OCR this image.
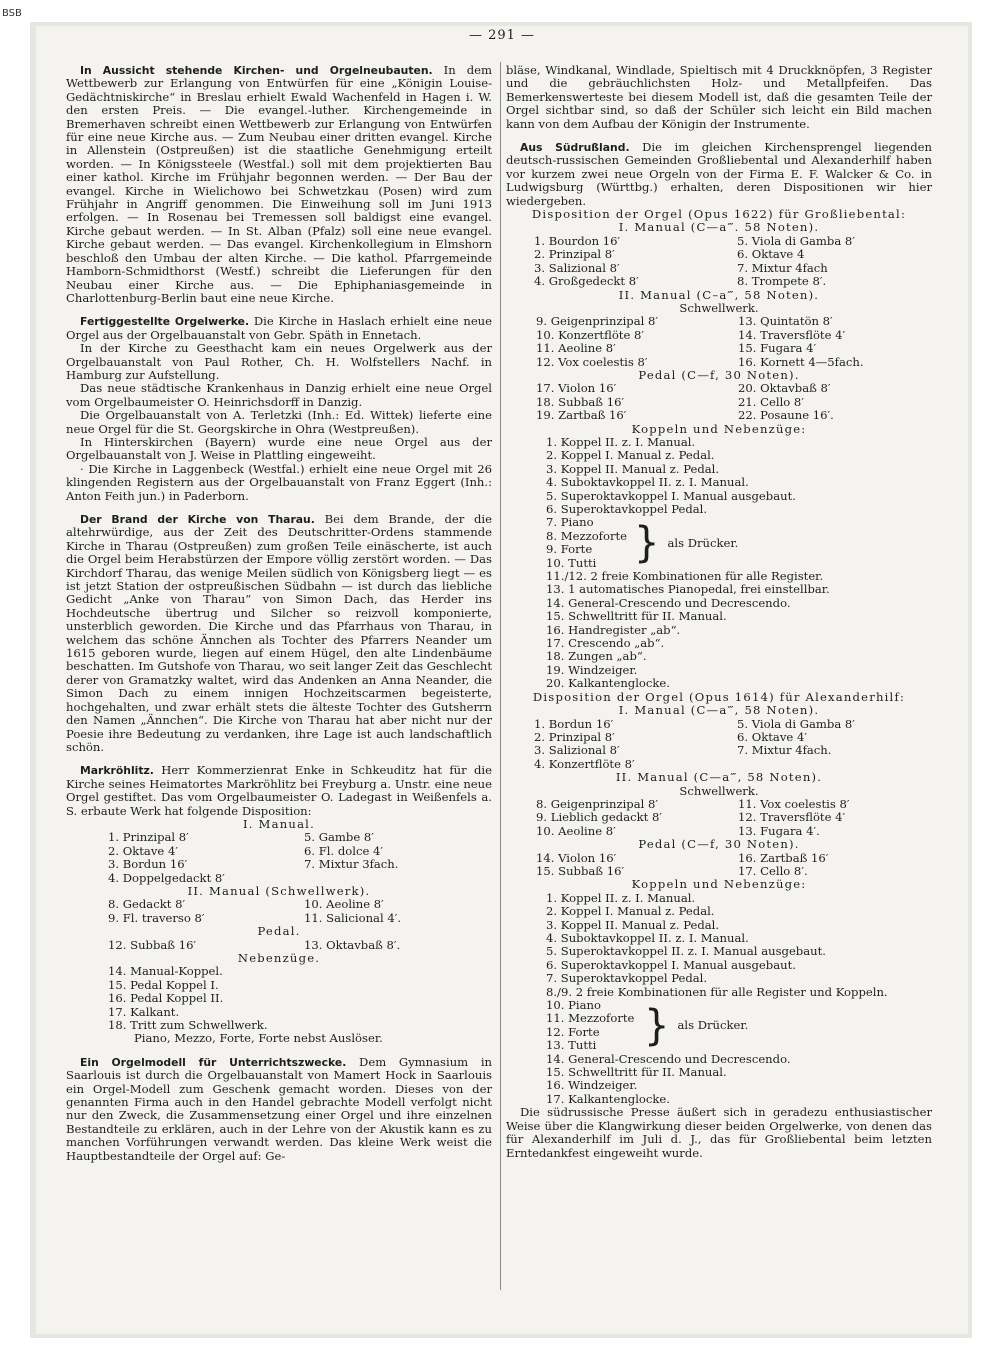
BSB
— 291 —

In Aussicht stehende Kirchen- und Orgelneubauten. In dem Wettbewerb zur Erlangung von Entwürfen für eine „Königin Louise-Gedächtniskirche“ in Breslau erhielt Ewald Wachenfeld in Hagen i. W. den ersten Preis. — Die evangel.-luther. Kirchengemeinde in Bremerhaven schreibt einen Wettbewerb zur Erlangung von Entwürfen für eine neue Kirche aus. — Zum Neubau einer dritten evangel. Kirche in Allenstein (Ostpreußen) ist die staatliche Genehmigung erteilt worden. — In Königssteele (Westfal.) soll mit dem projektierten Bau einer kathol. Kirche im Frühjahr begonnen werden. — Der Bau der evangel. Kirche in Wielichowo bei Schwetzkau (Posen) wird zum Frühjahr in Angriff genommen. Die Einweihung soll im Juni 1913 erfolgen. — In Rosenau bei Tremessen soll baldigst eine evangel. Kirche gebaut werden. — In St. Alban (Pfalz) soll eine neue evangel. Kirche gebaut werden. — Das evangel. Kirchenkollegium in Elmshorn beschloß den Umbau der alten Kirche. — Die kathol. Pfarrgemeinde Hamborn-Schmidthorst (Westf.) schreibt die Lieferungen für den Neubau einer Kirche aus. — Die Ephiphaniasgemeinde in Charlottenburg-Berlin baut eine neue Kirche.

Fertiggestellte Orgelwerke. Die Kirche in Haslach erhielt eine neue Orgel aus der Orgelbauanstalt von Gebr. Späth in Ennetach.

In der Kirche zu Geesthacht kam ein neues Orgelwerk aus der Orgelbauanstalt von Paul Rother, Ch. H. Wolfstellers Nachf. in Hamburg zur Aufstellung.

Das neue städtische Krankenhaus in Danzig erhielt eine neue Orgel vom Orgelbaumeister O. Heinrichsdorff in Danzig.

Die Orgelbauanstalt von A. Terletzki (Inh.: Ed. Wittek) lieferte eine neue Orgel für die St. Georgskirche in Ohra (Westpreußen).

In Hinterskirchen (Bayern) wurde eine neue Orgel aus der Orgelbauanstalt von J. Weise in Plattling eingeweiht.

· Die Kirche in Laggenbeck (Westfal.) erhielt eine neue Orgel mit 26 klingenden Registern aus der Orgelbauanstalt von Franz Eggert (Inh.: Anton Feith jun.) in Paderborn.

Der Brand der Kirche von Tharau. Bei dem Brande, der die altehrwürdige, aus der Zeit des Deutschritter-Ordens stammende Kirche in Tharau (Ostpreußen) zum großen Teile einäscherte, ist auch die Orgel beim Herabstürzen der Empore völlig zerstört worden. — Das Kirchdorf Tharau, das wenige Meilen südlich von Königsberg liegt — es ist jetzt Station der ostpreußischen Südbahn — ist durch das liebliche Gedicht „Anke von Tharau“ von Simon Dach, das Herder ins Hochdeutsche übertrug und Silcher so reizvoll komponierte, unsterblich geworden. Die Kirche und das Pfarrhaus von Tharau, in welchem das schöne Ännchen als Tochter des Pfarrers Neander um 1615 geboren wurde, liegen auf einem Hügel, den alte Lindenbäume beschatten. Im Gutshofe von Tharau, wo seit langer Zeit das Geschlecht derer von Gramatzky waltet, wird das Andenken an Anna Neander, die Simon Dach zu einem innigen Hochzeitscarmen begeisterte, hochgehalten, und zwar erhält stets die älteste Tochter des Gutsherrn den Namen „Ännchen“. Die Kirche von Tharau hat aber nicht nur der Poesie ihre Bedeutung zu verdanken, ihre Lage ist auch landschaftlich schön.

Markröhlitz. Herr Kommerzienrat Enke in Schkeuditz hat für die Kirche seines Heimatortes Markröhlitz bei Freyburg a. Unstr. eine neue Orgel gestiftet. Das vom Orgelbaumeister O. Ladegast in Weißenfels a. S. erbaute Werk hat folgende Disposition:

I. Manual.
1. Prinzipal 8′
2. Oktave 4′
3. Bordun 16′
4. Doppelgedackt 8′
5. Gambe 8′
6. Fl. dolce 4′
7. Mixtur 3fach.
II. Manual (Schwellwerk).
8. Gedackt 8′
9. Fl. traverso 8′
10. Aeoline 8′
11. Salicional 4′.
Pedal.
12. Subbaß 16′	13. Oktavbaß 8′.
Nebenzüge.
14. Manual-Koppel.
15. Pedal Koppel I.
16. Pedal Koppel II.
17. Kalkant.
18. Tritt zum Schwellwerk.
Piano, Mezzo, Forte, Forte nebst Auslöser.

Ein Orgelmodell für Unterrichtszwecke. Dem Gymnasium in Saarlouis ist durch die Orgelbauanstalt von Mamert Hock in Saarlouis ein Orgel-Modell zum Geschenk gemacht worden. Dieses von der genannten Firma auch in den Handel gebrachte Modell verfolgt nicht nur den Zweck, die Zusammensetzung einer Orgel und ihre einzelnen Bestandteile zu erklären, auch in der Lehre von der Akustik kann es zu manchen Vorführungen verwandt werden. Das kleine Werk weist die Hauptbestandteile der Orgel auf: Ge-

bläse, Windkanal, Windlade, Spieltisch mit 4 Druckknöpfen, 3 Register und die gebräuchlichsten Holz- und Metallpfeifen. Das Bemerkenswerteste bei diesem Modell ist, daß die gesamten Teile der Orgel sichtbar sind, so daß der Schüler sich leicht ein Bild machen kann von dem Aufbau der Königin der Instrumente.

Aus Südrußland. Die im gleichen Kirchensprengel liegenden deutsch-russischen Gemeinden Großliebental und Alexanderhilf haben vor kurzem zwei neue Orgeln von der Firma E. F. Walcker & Co. in Ludwigsburg (Württbg.) erhalten, deren Dispositionen wir hier wiedergeben.

Disposition der Orgel (Opus 1622) für Großliebental:
I. Manual (C—a‴. 58 Noten).
1. Bourdon 16′
2. Prinzipal 8′
3. Salizional 8′
4. Großgedeckt 8′
5. Viola di Gamba 8′
6. Oktave 4
7. Mixtur 4fach
8. Trompete 8′.
II. Manual (C–a‴, 58 Noten).
Schwellwerk.
9. Geigenprinzipal 8′
10. Konzertflöte 8′
11. Aeoline 8′
12. Vox coelestis 8′
13. Quintatön 8′
14. Traversflöte 4′
15. Fugara 4′
16. Kornett 4—5fach.
Pedal (C—f, 30 Noten).
17. Violon 16′
18. Subbaß 16′
19. Zartbaß 16′
20. Oktavbaß 8′
21. Cello 8′
22. Posaune 16′.
Koppeln und Nebenzüge:
1. Koppel II. z. I. Manual.
2. Koppel I. Manual z. Pedal.
3. Koppel II. Manual z. Pedal.
4. Suboktavkoppel II. z. I. Manual.
5. Superoktavkoppel I. Manual ausgebaut.
6. Superoktavkoppel Pedal.
7. Piano
8. Mezzoforte
9. Forte
10. Tutti } als Drücker.
11./12. 2 freie Kombinationen für alle Register.
13. 1 automatisches Pianopedal, frei einstellbar.
14. General-Crescendo und Decrescendo.
15. Schwelltritt für II. Manual.
16. Handregister „ab“.
17. Crescendo „ab“.
18. Zungen „ab“.
19. Windzeiger.
20. Kalkantenglocke.
Disposition der Orgel (Opus 1614) für Alexanderhilf:
I. Manual (C—a‴, 58 Noten).
1. Bordun 16′
2. Prinzipal 8′
3. Salizional 8′
4. Konzertflöte 8′
5. Viola di Gamba 8′
6. Oktave 4′
7. Mixtur 4fach.
II. Manual (C—a‴, 58 Noten).
Schwellwerk.
8. Geigenprinzipal 8′
9. Lieblich gedackt 8′
10. Aeoline 8′
11. Vox coelestis 8′
12. Traversflöte 4′
13. Fugara 4′.
Pedal (C—f, 30 Noten).
14. Violon 16′
15. Subbaß 16′
16. Zartbaß 16′
17. Cello 8′.
Koppeln und Nebenzüge:
1. Koppel II. z. I. Manual.
2. Koppel I. Manual z. Pedal.
3. Koppel II. Manual z. Pedal.
4. Suboktavkoppel II. z. I. Manual.
5. Superoktavkoppel II. z. I. Manual ausgebaut.
6. Superoktavkoppel I. Manual ausgebaut.
7. Superoktavkoppel Pedal.
8./9. 2 freie Kombinationen für alle Register und Koppeln.
10. Piano
11. Mezzoforte
12. Forte
13. Tutti	} als Drücker.
14. General-Crescendo und Decrescendo.
15. Schwelltritt für II. Manual.
16. Windzeiger.
17. Kalkantenglocke.

Die südrussische Presse äußert sich in geradezu enthusiastischer Weise über die Klangwirkung dieser beiden Orgelwerke, von denen das für Alexanderhilf im Juli d. J., das für Großliebental beim letzten Erntedankfest eingeweiht wurde.
